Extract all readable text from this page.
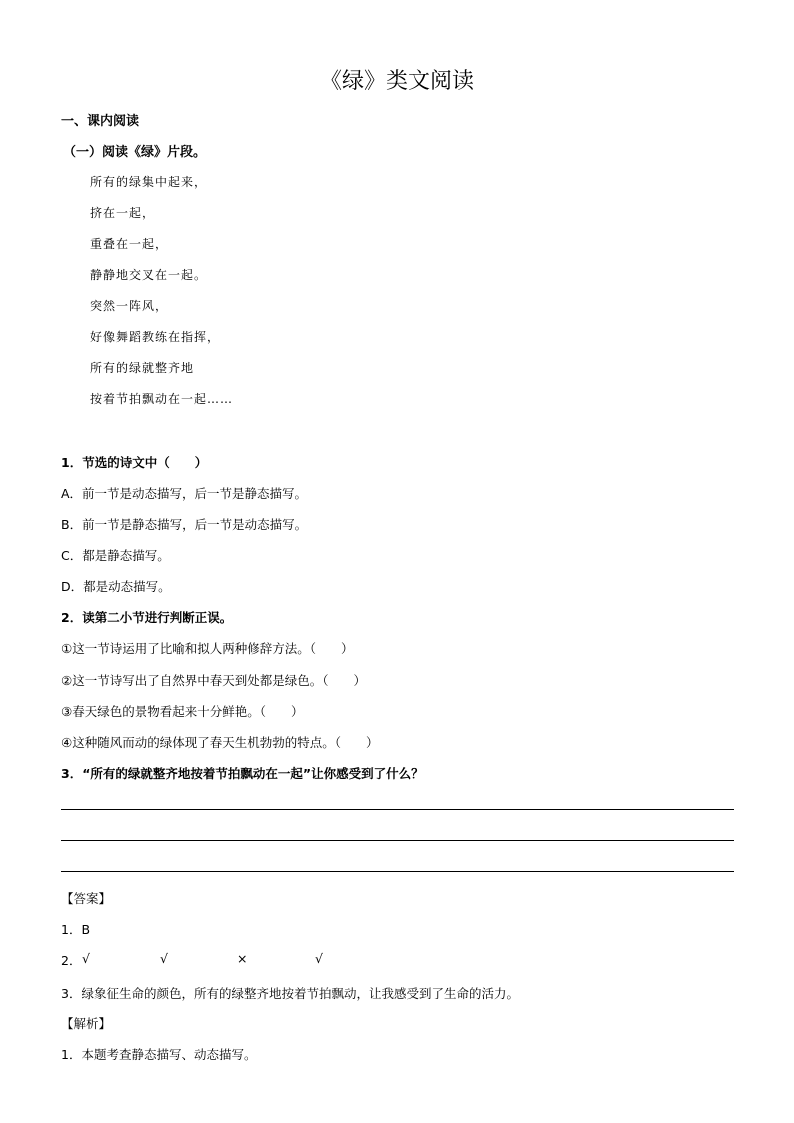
《绿》类文阅读
一、课内阅读
（一）阅读《绿》片段。
所有的绿集中起来，
挤在一起，
重叠在一起，
静静地交叉在一起。
突然一阵风，
好像舞蹈教练在指挥，
所有的绿就整齐地
按着节拍飘动在一起……
1．节选的诗文中（　　）
A．前一节是动态描写，后一节是静态描写。
B．前一节是静态描写，后一节是动态描写。
C．都是静态描写。
D．都是动态描写。
2．读第二小节进行判断正误。
①这一节诗运用了比喻和拟人两种修辞方法。（　　）
②这一节诗写出了自然界中春天到处都是绿色。（　　）
③春天绿色的景物看起来十分鲜艳。（　　）
④这种随风而动的绿体现了春天生机勃勃的特点。（　　）
3．“所有的绿就整齐地按着节拍飘动在一起”让你感受到了什么？
【答案】
1．B
2． √	√	×	√
3．绿象征生命的颜色，所有的绿整齐地按着节拍飘动，让我感受到了生命的活力。
【解析】
1．本题考查静态描写、动态描写。
